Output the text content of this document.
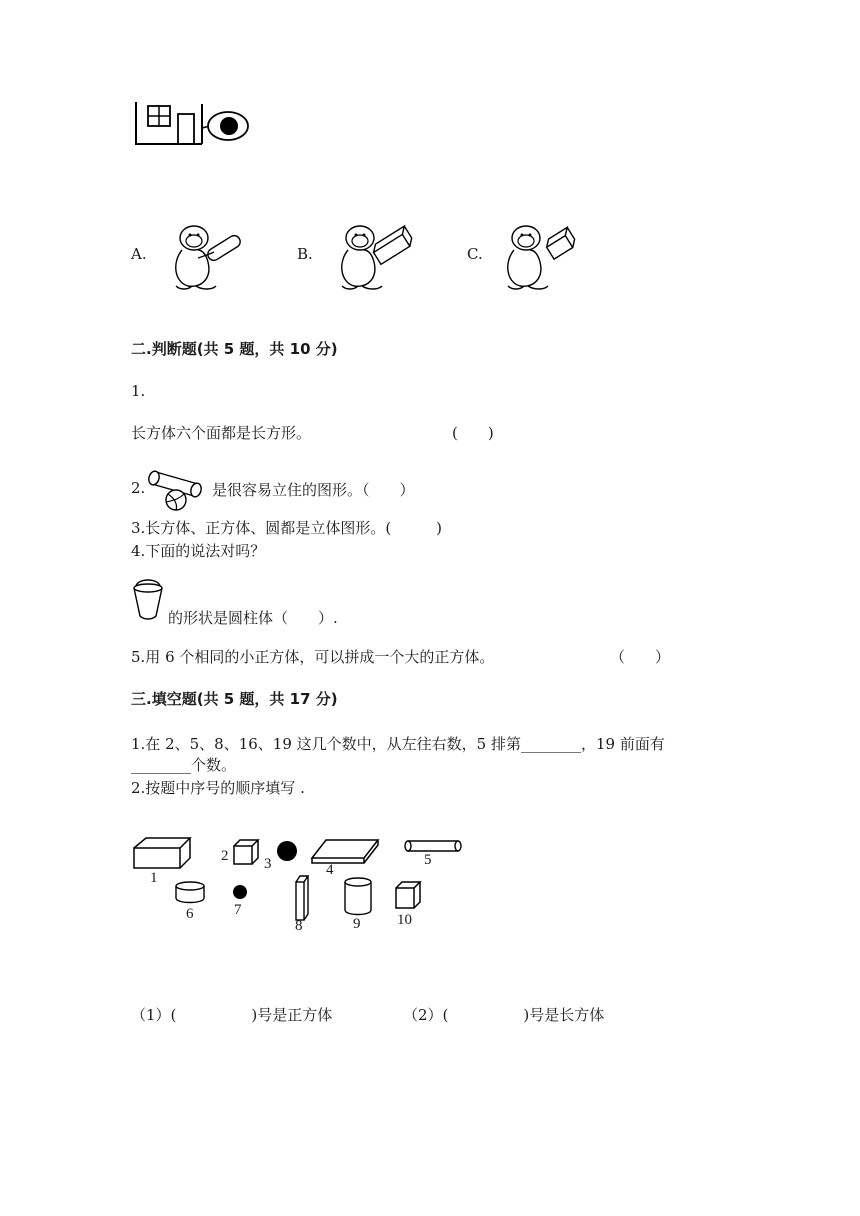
A.	B.	C.
二.判断题(共 5 题，共 10 分)
1.
长方体六个面都是长方形。	(　　)
2.	是很容易立住的图形。（　　）
3.长方体、正方体、圆都是立体图形。(　　　)
4.下面的说法对吗？
的形状是圆柱体（　　）.
5.用 6 个相同的小正方体，可以拼成一个大的正方体。	（　　）
三.填空题(共 5 题，共 17 分)
1.在 2、5、8、16、19 这几个数中，从左往右数，5 排第________，19 前面有
________个数。
2.按题中序号的顺序填写 .
1
2 3	4
5
6	7
8	9 10
（1）(　　　　　)号是正方体	（2）(　　　　　)号是长方体
